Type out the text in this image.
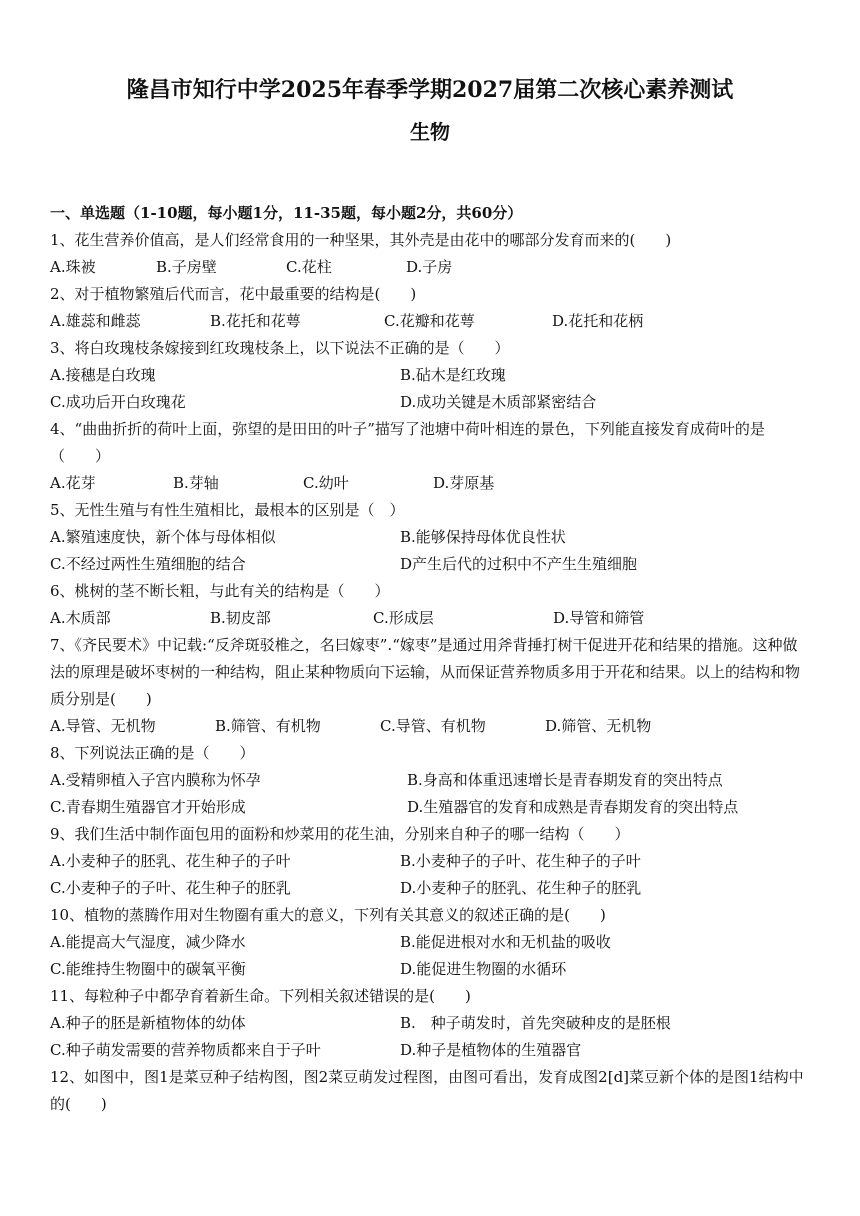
隆昌市知行中学2025年春季学期2027届第二次核心素养测试
生物
一、单选题（1-10题，每小题1分，11-35题，每小题2分，共60分）
1、花生营养价值高，是人们经常食用的一种坚果，其外壳是由花中的哪部分发育而来的(　　)
A.珠被	B.子房壁	C.花柱	D.子房
2、对于植物繁殖后代而言，花中最重要的结构是(　　)
A.雄蕊和雌蕊	B.花托和花萼	C.花瓣和花萼	D.花托和花柄
3、将白玫瑰枝条嫁接到红玫瑰枝条上，以下说法不正确的是（　　）
A.接穗是白玫瑰	B.砧木是红玫瑰
C.成功后开白玫瑰花	D.成功关键是木质部紧密结合
4、“曲曲折折的荷叶上面，弥望的是田田的叶子”描写了池塘中荷叶相连的景色，下列能直接发育成荷叶的是（　　）
A.花芽	B.芽轴	C.幼叶	D.芽原基
5、无性生殖与有性生殖相比，最根本的区别是（　）
A.繁殖速度快，新个体与母体相似	B.能够保持母体优良性状
C.不经过两性生殖细胞的结合	D产生后代的过积中不产生生殖细胞
6、桃树的茎不断长粗，与此有关的结构是（　　）
A.木质部	B.韧皮部	C.形成层	D.导管和筛管
7、《齐民要术》中记载:“反斧斑驳椎之，名曰嫁枣”.“嫁枣”是通过用斧背捶打树干促进开花和结果的措施。这种做法的原理是破坏枣树的一种结构，阻止某种物质向下运输，从而保证营养物质多用于开花和结果。以上的结构和物质分别是(　　)
A.导管、无机物	B.筛管、有机物	C.导管、有机物	D.筛管、无机物
8、下列说法正确的是（　　）
A.受精卵植入子宫内膜称为怀孕	B.身高和体重迅速增长是青春期发育的突出特点
C.青春期生殖器官才开始形成	D.生殖器官的发育和成熟是青春期发育的突出特点
9、我们生活中制作面包用的面粉和炒菜用的花生油，分别来自种子的哪一结构（　　）
A.小麦种子的胚乳、花生种子的子叶	B.小麦种子的子叶、花生种子的子叶
C.小麦种子的子叶、花生种子的胚乳	D.小麦种子的胚乳、花生种子的胚乳
10、植物的蒸腾作用对生物圈有重大的意义，下列有关其意义的叙述正确的是(　　)
A.能提高大气湿度，减少降水	B.能促进根对水和无机盐的吸收
C.能维持生物圈中的碳氧平衡	D.能促进生物圈的水循环
11、每粒种子中都孕育着新生命。下列相关叙述错误的是(　　)
A.种子的胚是新植物体的幼体	B.　种子萌发时，首先突破种皮的是胚根
C.种子萌发需要的营养物质都来自于子叶	D.种子是植物体的生殖器官
12、如图中，图1是菜豆种子结构图，图2菜豆萌发过程图，由图可看出，发育成图2[d]菜豆新个体的是图1结构中的(　　)
